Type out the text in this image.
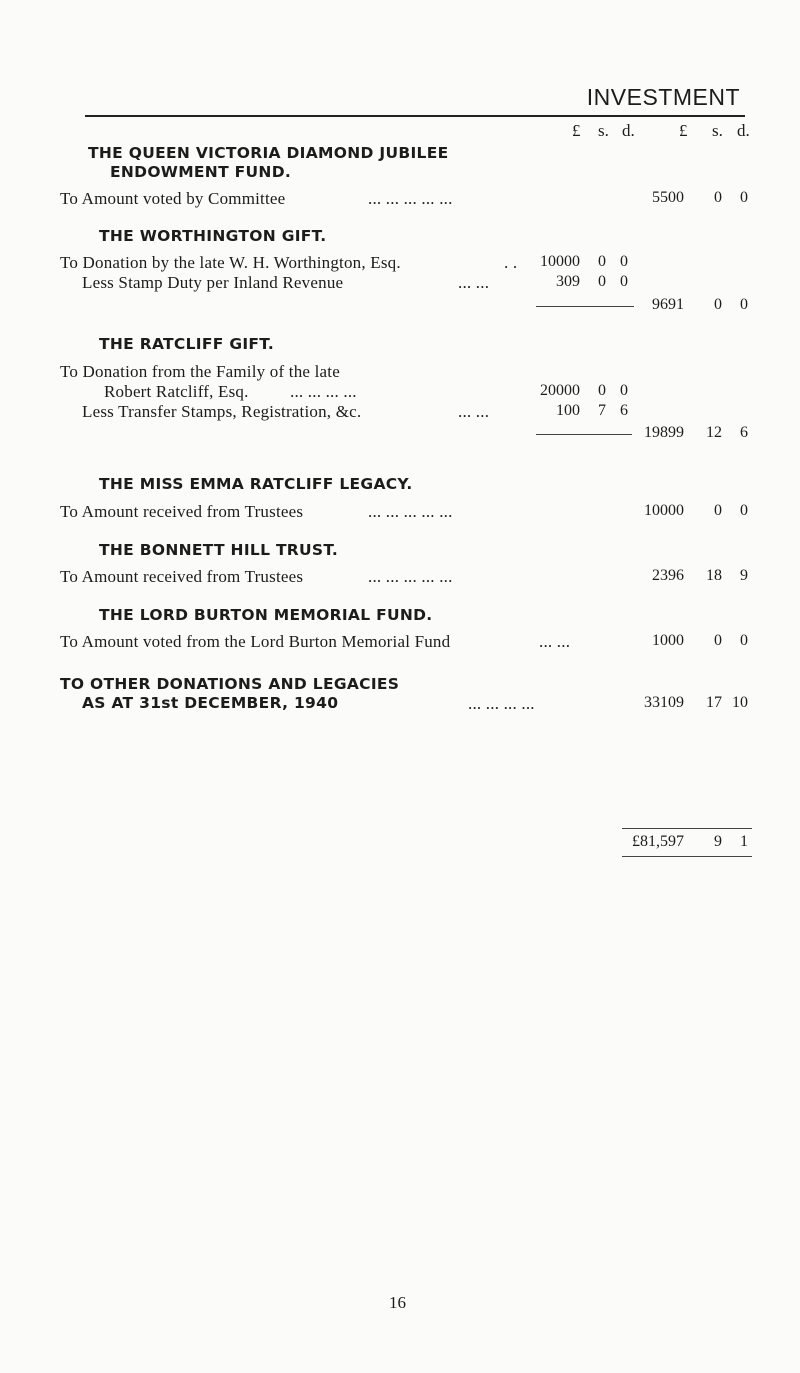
INVESTMENT
£ s. d.	£ s. d.
THE QUEEN VICTORIA DIAMOND JUBILEE
ENDOWMENT FUND.
To Amount voted by Committee	... ... ... ... ...	5500	0	0
THE WORTHINGTON GIFT.
To Donation by the late W. H. Worthington, Esq.	. .	10000	0 0
Less Stamp Duty per Inland Revenue	... ...	309	0 0
9691	0	0
THE RATCLIFF GIFT.
To Donation from the Family of the late
Robert Ratcliff, Esq. ... ... ... ...	20000	0 0
Less Transfer Stamps, Registration, &c.	... ...	100	7 6
19899 12	6
THE MISS EMMA RATCLIFF LEGACY.
To Amount received from Trustees	... ... ... ... ...	10000	0	0
THE BONNETT HILL TRUST.
To Amount received from Trustees	... ... ... ... ...	2396 18	9
THE LORD BURTON MEMORIAL FUND.
To Amount voted from the Lord Burton Memorial Fund	... ...	1000	0	0
TO OTHER DONATIONS AND LEGACIES
AS AT 31st DECEMBER, 1940	... ... ... ...	33109 17 10
£81,597	9	1
16
